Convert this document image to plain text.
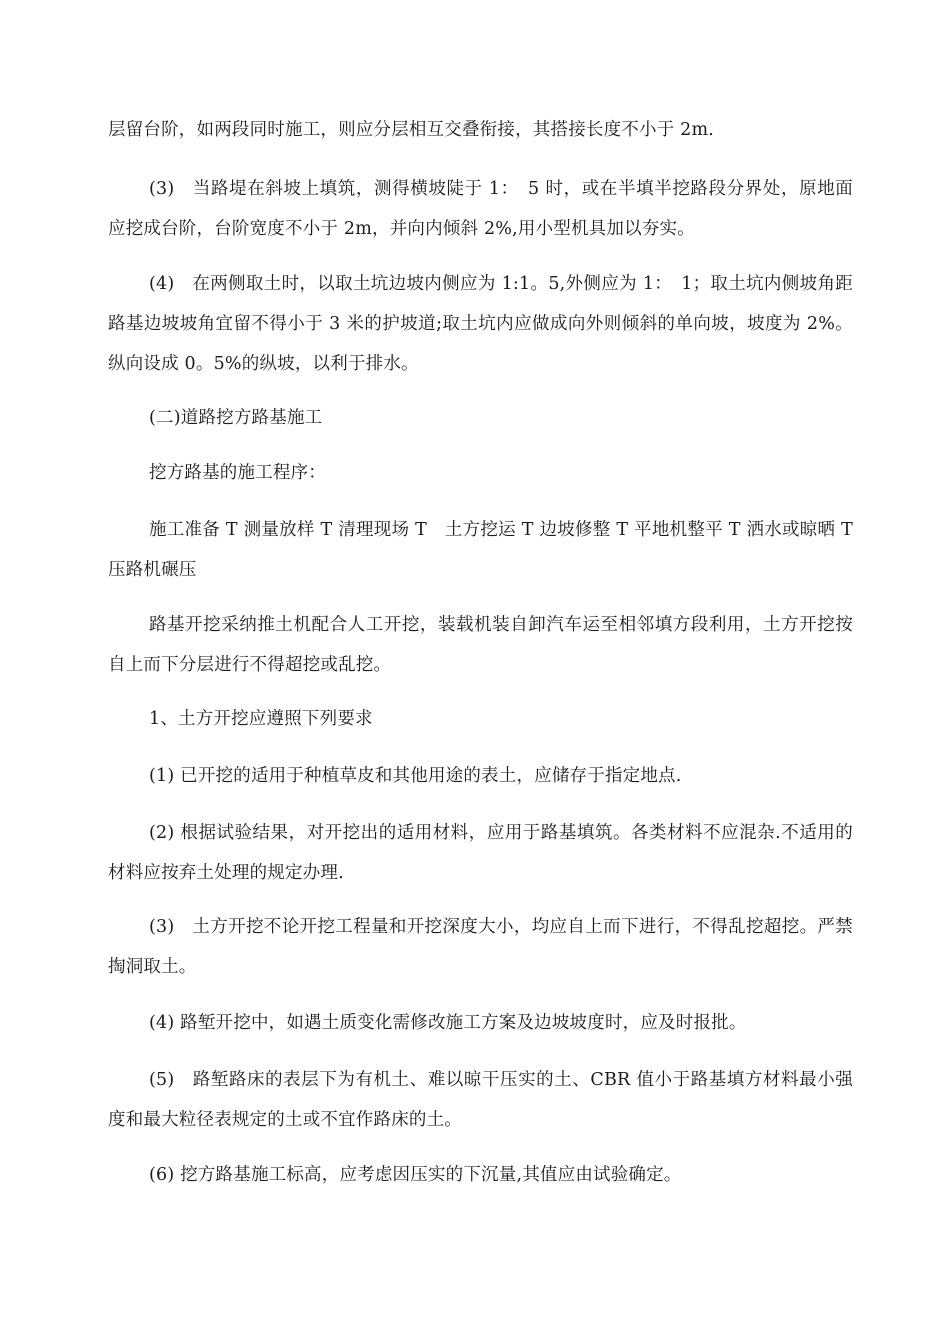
层留台阶，如两段同时施工，则应分层相互交叠衔接，其搭接长度不小于 2m.

(3)　当路堤在斜坡上填筑，测得横坡陡于 1：　5 时，或在半填半挖路段分界处，原地面应挖成台阶，台阶宽度不小于 2m，并向内倾斜 2%,用小型机具加以夯实。

(4)　在两侧取土时，以取土坑边坡内侧应为 1:1。5,外侧应为 1：　1；取土坑内侧坡角距路基边坡坡角宜留不得小于 3 米的护坡道;取土坑内应做成向外则倾斜的单向坡，坡度为 2%。纵向设成 0。5%的纵坡，以利于排水。

(二)道路挖方路基施工

挖方路基的施工程序：

施工准备 T 测量放样 T 清理现场 T　土方挖运 T 边坡修整 T 平地机整平 T 洒水或晾晒 T 压路机碾压

路基开挖采纳推土机配合人工开挖，装载机装自卸汽车运至相邻填方段利用，土方开挖按自上而下分层进行不得超挖或乱挖。

1、土方开挖应遵照下列要求

(1) 已开挖的适用于种植草皮和其他用途的表土，应储存于指定地点.

(2) 根据试验结果，对开挖出的适用材料，应用于路基填筑。各类材料不应混杂.不适用的材料应按弃土处理的规定办理.

(3)　土方开挖不论开挖工程量和开挖深度大小，均应自上而下进行，不得乱挖超挖。严禁掏洞取土。

(4) 路堑开挖中，如遇土质变化需修改施工方案及边坡坡度时，应及时报批。

(5)　路堑路床的表层下为有机土、难以晾干压实的土、CBR 值小于路基填方材料最小强度和最大粒径表规定的土或不宜作路床的土。

(6) 挖方路基施工标高，应考虑因压实的下沉量,其值应由试验确定。
